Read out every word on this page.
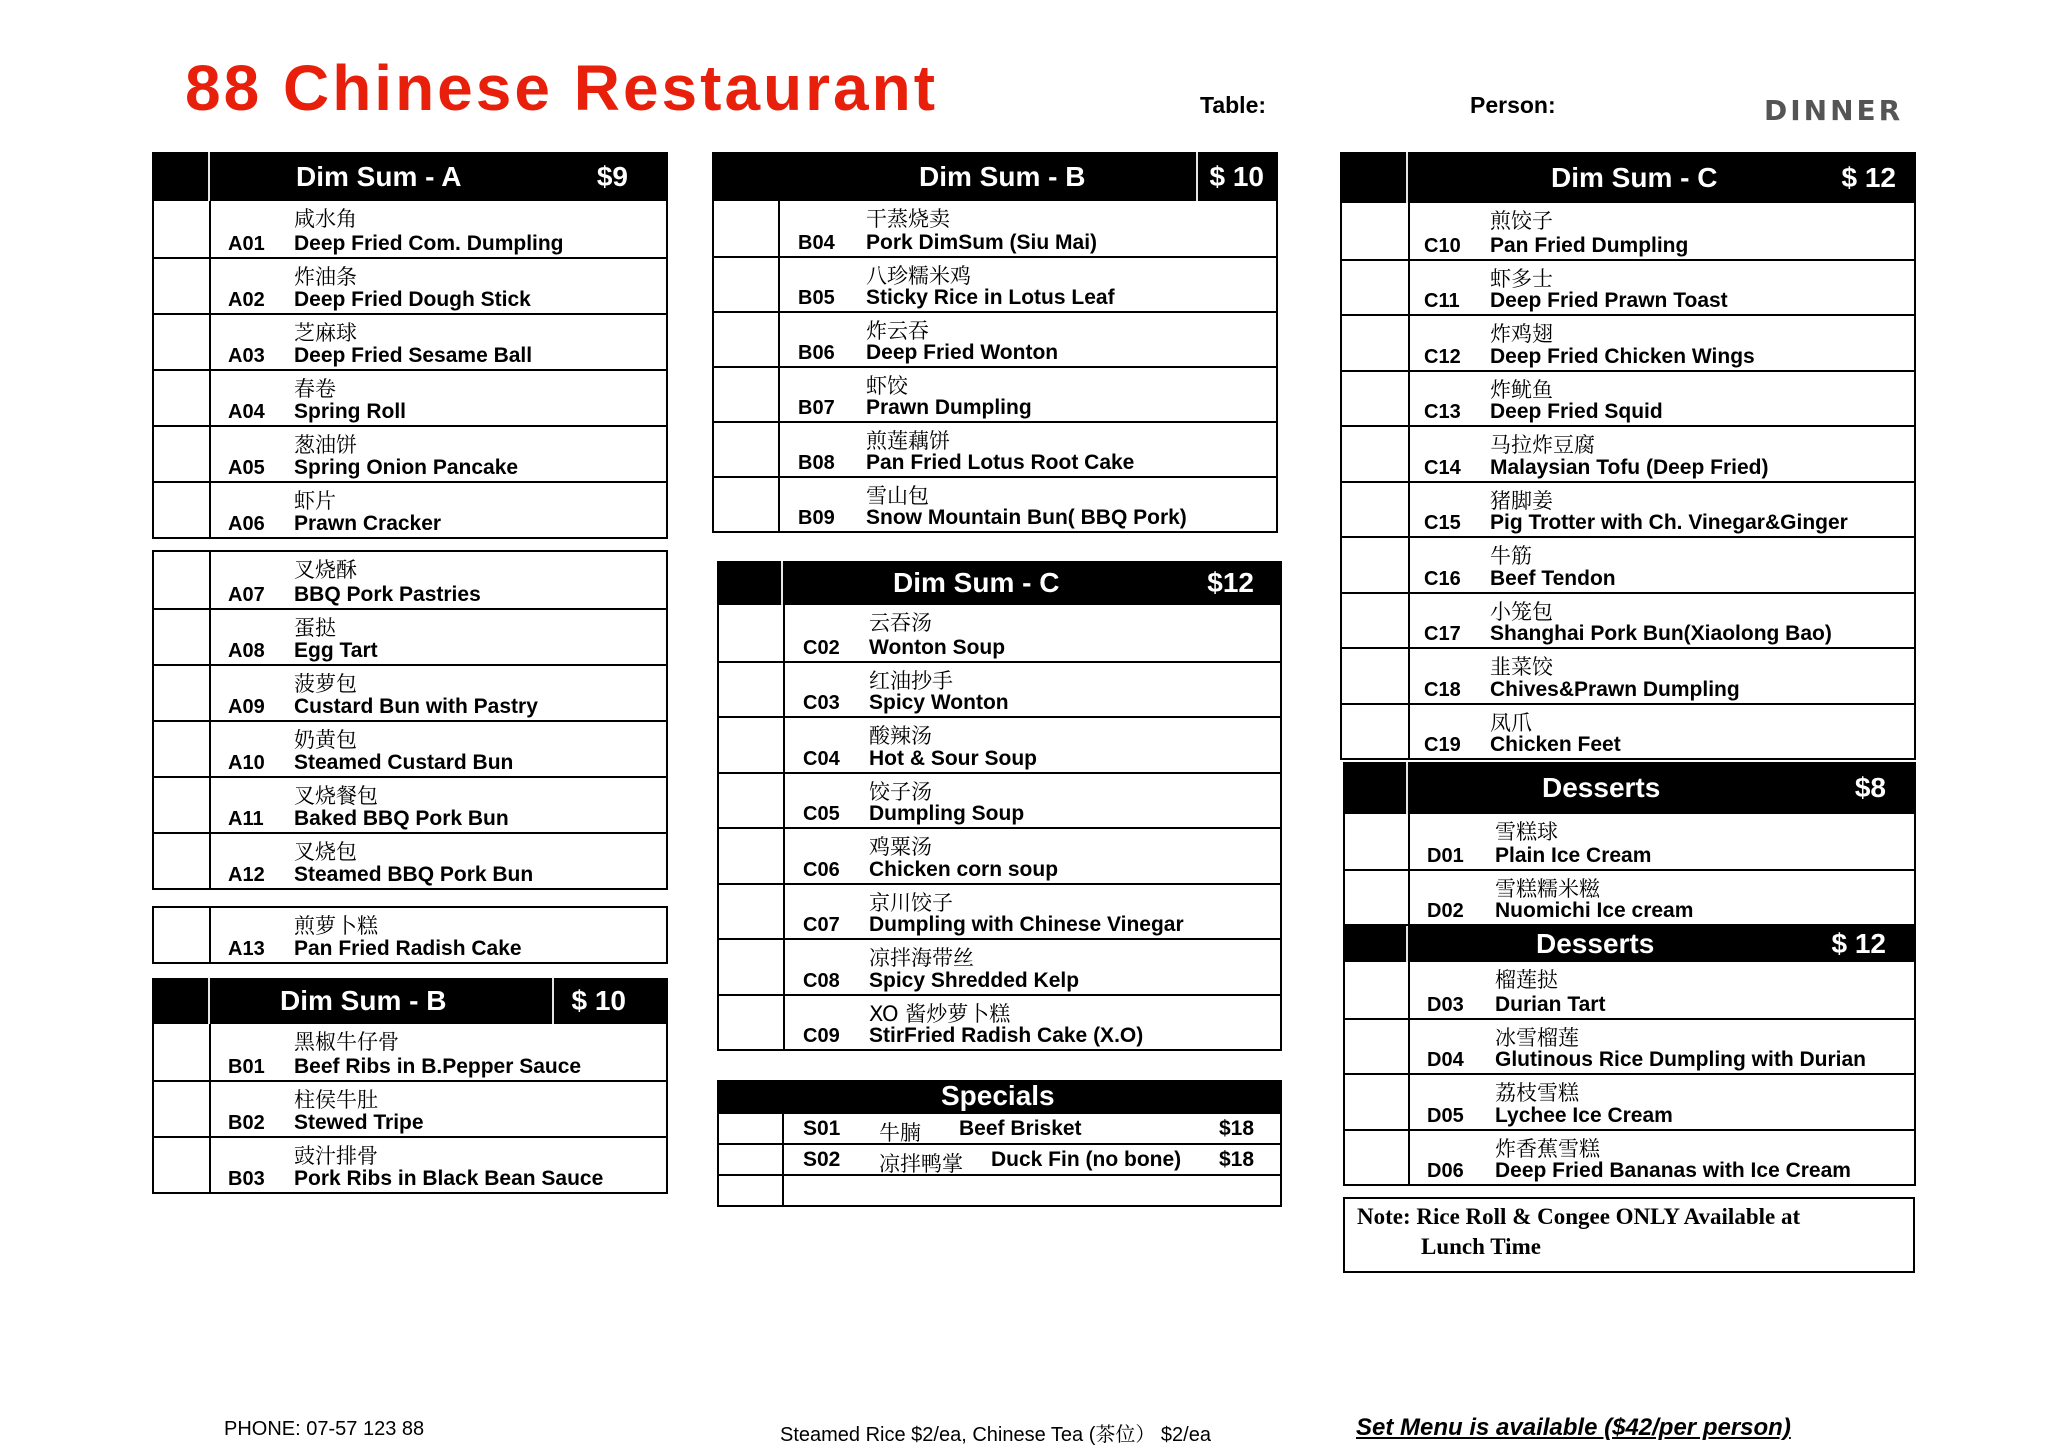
88 Chinese Restaurant	Table:	Person:	DINNER
Dim Sum - A	$9
咸水角
A01 Deep Fried Com. Dumpling
炸油条
A02 Deep Fried Dough Stick
芝麻球
A03 Deep Fried Sesame Ball
春卷
A04 Spring Roll
葱油饼
A05 Spring Onion Pancake
虾片
A06 Prawn Cracker
叉烧酥
A07 BBQ Pork Pastries
蛋挞
A08 Egg Tart
菠萝包
A09 Custard Bun with Pastry
奶黄包
A10 Steamed Custard Bun
叉烧餐包
A11 Baked BBQ Pork Bun
叉烧包
A12 Steamed BBQ Pork Bun
煎萝卜糕
A13 Pan Fried Radish Cake
Dim Sum - B	$ 10
黑椒牛仔骨
B01 Beef Ribs in B.Pepper Sauce
柱侯牛肚
B02 Stewed Tripe
豉汁排骨
B03 Pork Ribs in Black Bean Sauce
Dim Sum - B	$ 10
干蒸烧卖
B04 Pork DimSum (Siu Mai)
八珍糯米鸡
B05 Sticky Rice in Lotus Leaf
炸云吞
B06 Deep Fried Wonton
虾饺
B07 Prawn Dumpling
煎莲藕饼
B08 Pan Fried Lotus Root Cake
雪山包
B09 Snow Mountain Bun( BBQ Pork)
Dim Sum - C	$12
云吞汤
C02 Wonton Soup
红油抄手
C03 Spicy Wonton
酸辣汤
C04 Hot & Sour Soup
饺子汤
C05 Dumpling Soup
鸡粟汤
C06 Chicken corn soup
京川饺子
C07 Dumpling with Chinese Vinegar
凉拌海带丝
C08 Spicy Shredded Kelp
XO 酱炒萝卜糕
C09 StirFried Radish Cake (X.O)
Specials
S01 牛腩 Beef Brisket	$18
S02 凉拌鸭掌 Duck Fin (no bone) $18
Dim Sum - C	$ 12
煎饺子
C10 Pan Fried Dumpling
虾多士
C11 Deep Fried Prawn Toast
炸鸡翅
C12 Deep Fried Chicken Wings
炸鱿鱼
C13 Deep Fried Squid
马拉炸豆腐
C14 Malaysian Tofu (Deep Fried)
猪脚姜
C15 Pig Trotter with Ch. Vinegar&Ginger
牛筋
C16 Beef Tendon
小笼包
C17 Shanghai Pork Bun(Xiaolong Bao)
韭菜饺
C18 Chives&Prawn Dumpling
凤爪
C19 Chicken Feet
Desserts	$8
雪糕球
D01 Plain Ice Cream
雪糕糯米糍
D02 Nuomichi Ice cream
Desserts	$ 12
榴莲挞
D03 Durian Tart
冰雪榴莲
D04 Glutinous Rice Dumpling with Durian
荔枝雪糕
D05 Lychee Ice Cream
炸香蕉雪糕
D06 Deep Fried Bananas with Ice Cream
Note: Rice Roll & Congee ONLY Available at
Lunch Time
PHONE: 07-57 123 88	Steamed Rice $2/ea, Chinese Tea (茶位） $2/ea	Set Menu is available ($42/per person)
